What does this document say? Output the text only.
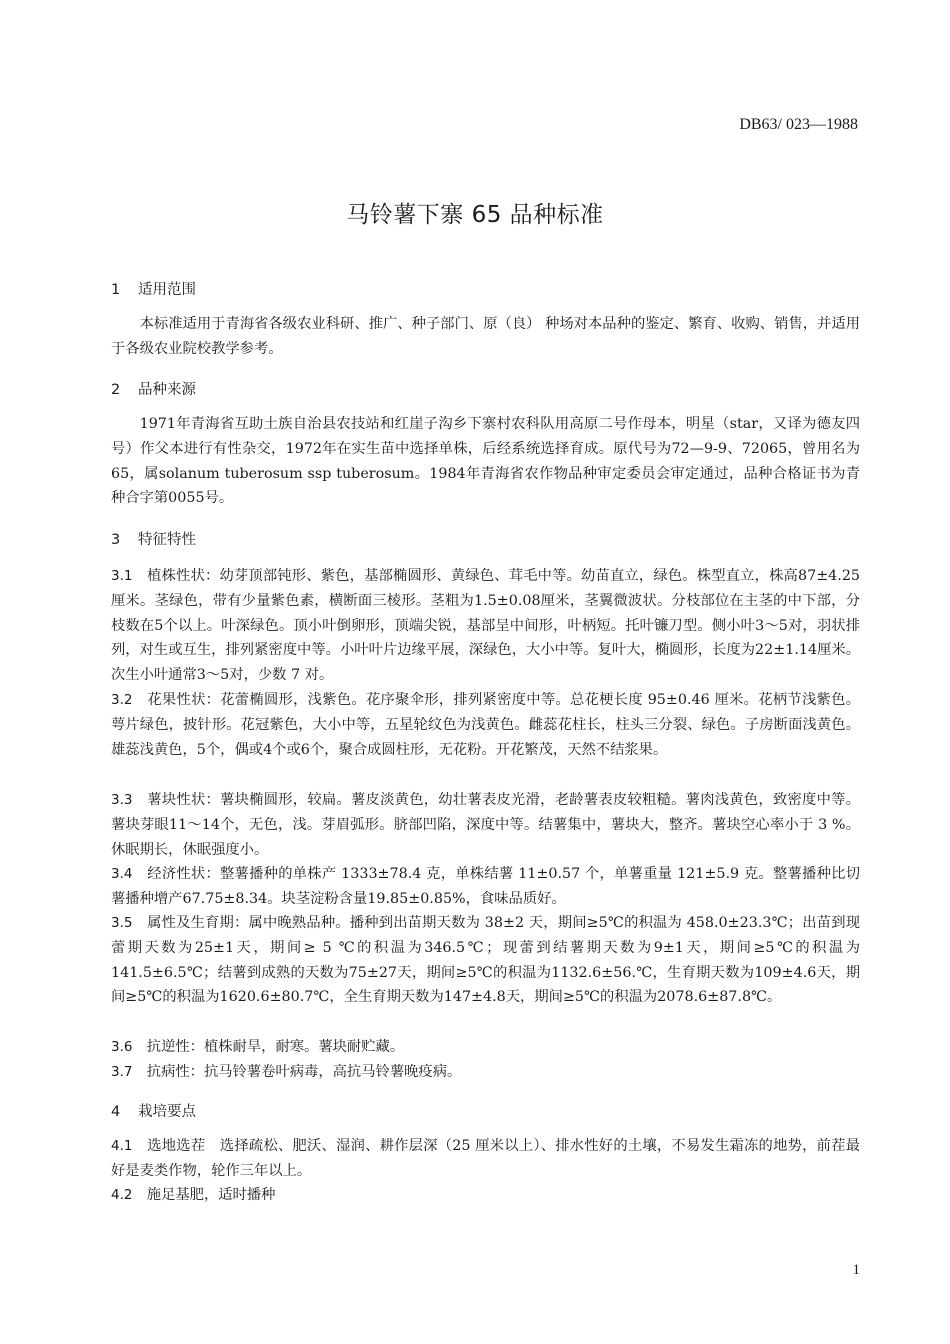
DB63/ 023—1988
马铃薯下寨 65 品种标准
1 适用范围
本标准适用于青海省各级农业科研、推广、种子部门、原（良） 种场对本品种的鉴定、繁育、收购、销售，并适用于各级农业院校教学参考。
2 品种来源
1971年青海省互助土族自治县农技站和红崖子沟乡下寨村农科队用高原二号作母本，明星（star，又译为德友四号）作父本进行有性杂交，1972年在实生苗中选择单株，后经系统选择育成。原代号为72—9-9、72065，曾用名为65，属solanum tuberosum ssp tuberosum。1984年青海省农作物品种审定委员会审定通过，品种合格证书为青种合字第0055号。
3 特征特性
3.1　 植株性状：幼芽顶部钝形、紫色，基部椭圆形、黄绿色、茸毛中等。幼苗直立，绿色。株型直立，株高87±4.25厘米。茎绿色，带有少量紫色素，横断面三棱形。茎粗为1.5±0.08厘米，茎翼微波状。分枝部位在主茎的中下部，分枝数在5个以上。叶深绿色。顶小叶倒卵形，顶端尖锐，基部呈中间形，叶柄短。托叶镰刀型。侧小叶3～5对，羽状排列，对生或互生，排列紧密度中等。小叶叶片边缘平展，深绿色，大小中等。复叶大，椭圆形，长度为22±1.14厘米。次生小叶通常3～5对，少数 7 对。
3.2　 花果性状：花蕾椭圆形，浅紫色。花序聚伞形，排列紧密度中等。总花梗长度 95±0.46 厘米。花柄节浅紫色。萼片绿色，披针形。花冠紫色，大小中等，五星轮纹色为浅黄色。雌蕊花柱长，柱头三分裂、绿色。子房断面浅黄色。雄蕊浅黄色，5个，偶或4个或6个，聚合成圆柱形，无花粉。开花繁茂，天然不结浆果。
3.3　 薯块性状：薯块椭圆形，较扁。薯皮淡黄色，幼壮薯表皮光滑，老龄薯表皮较粗糙。薯肉浅黄色，致密度中等。薯块芽眼11～14个，无色，浅。芽眉弧形。脐部凹陷，深度中等。结薯集中，薯块大，整齐。薯块空心率小于 3 %。休眠期长，休眠强度小。
3.4　 经济性状：整薯播种的单株产 1333±78.4 克，单株结薯 11±0.57 个，单薯重量 121±5.9 克。整薯播种比切薯播种增产67.75±8.34。块茎淀粉含量19.85±0.85%，食味品质好。
3.5　 属性及生育期：属中晚熟品种。播种到出苗期天数为 38±2 天，期间≥5℃的积温为 458.0±23.3℃；出苗到现蕾期天数为25±1天，期间≥ 5 ℃的积温为346.5℃；现蕾到结薯期天数为9±1天，期间≥5℃的积温为141.5±6.5℃；结薯到成熟的天数为75±27天，期间≥5℃的积温为1132.6±56.℃，生育期天数为109±4.6天，期间≥5℃的积温为1620.6±80.7℃，全生育期天数为147±4.8天，期间≥5℃的积温为2078.6±87.8℃。
3.6　 抗逆性：植株耐旱，耐寒。薯块耐贮藏。
3.7　 抗病性：抗马铃薯卷叶病毒，高抗马铃薯晚疫病。
4 栽培要点
4.1　 选地选茬　选择疏松、肥沃、湿润、耕作层深（25 厘米以上）、排水性好的土壤，不易发生霜冻的地势，前茬最好是麦类作物，轮作三年以上。
4.2　 施足基肥，适时播种
1
